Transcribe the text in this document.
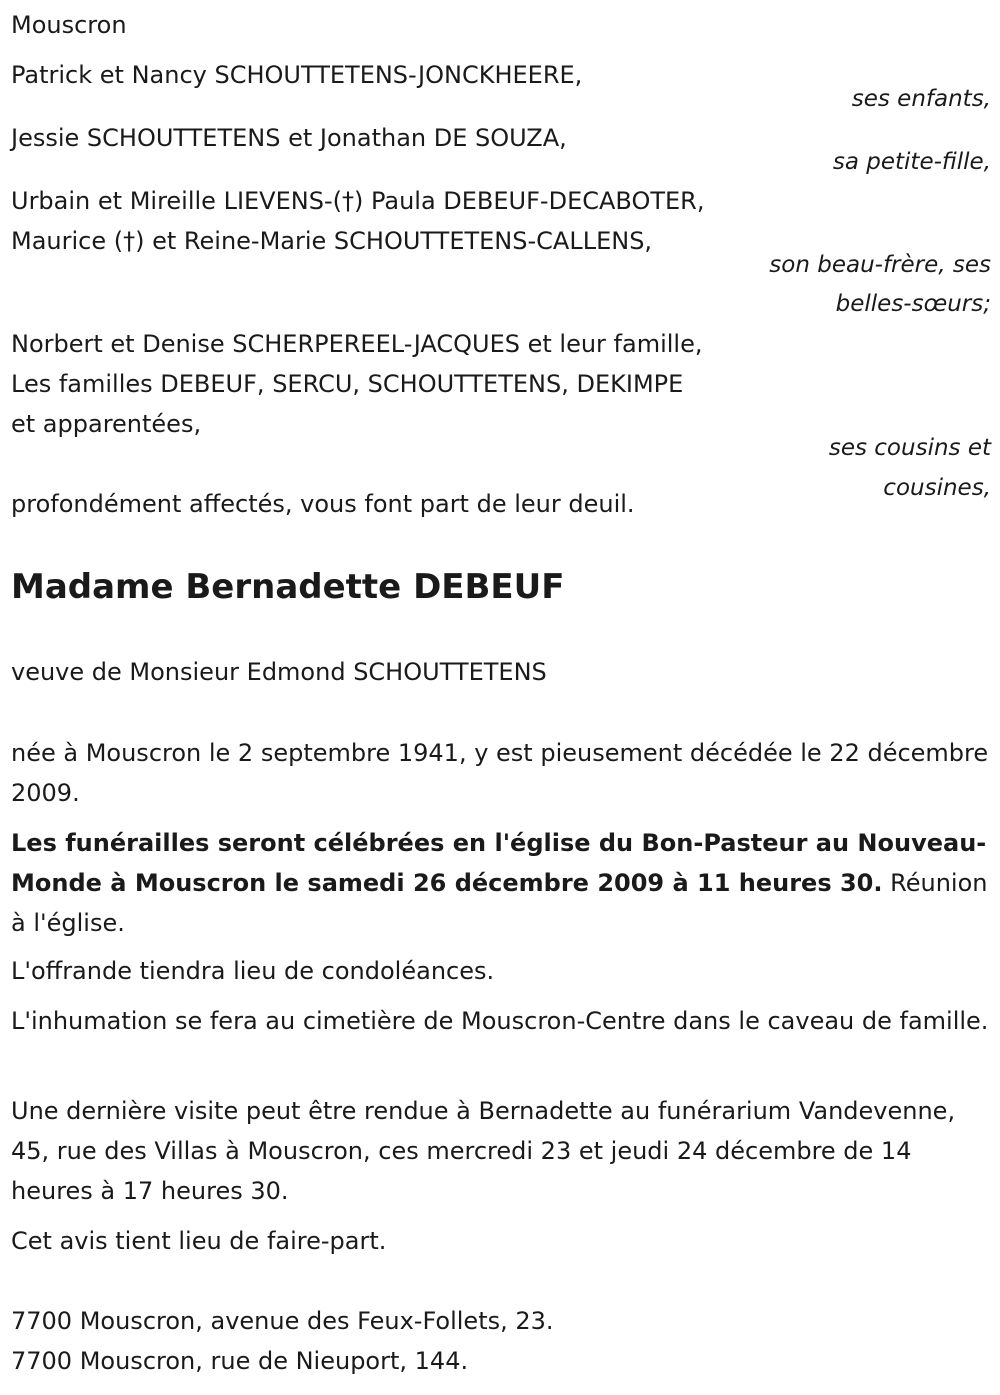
Mouscron
Patrick et Nancy SCHOUTTETENS-JONCKHEERE,
ses enfants,
Jessie SCHOUTTETENS et Jonathan DE SOUZA,
sa petite-fille,
Urbain et Mireille LIEVENS-(†) Paula DEBEUF-DECABOTER,
Maurice (†) et Reine-Marie SCHOUTTETENS-CALLENS,
son beau-frère, ses
belles-sœurs;
Norbert et Denise SCHERPEREEL-JACQUES et leur famille,
Les familles DEBEUF, SERCU, SCHOUTTETENS, DEKIMPE
et apparentées,
ses cousins et
cousines,
profondément affectés, vous font part de leur deuil.
Madame Bernadette DEBEUF
veuve de Monsieur Edmond SCHOUTTETENS
née à Mouscron le 2 septembre 1941, y est pieusement décédée le 22 décembre 2009.
Les funérailles seront célébrées en l'église du Bon-Pasteur au Nouveau-Monde à Mouscron le samedi 26 décembre 2009 à 11 heures 30. Réunion à l'église.
L'offrande tiendra lieu de condoléances.
L'inhumation se fera au cimetière de Mouscron-Centre dans le caveau de famille.
Une dernière visite peut être rendue à Bernadette au funérarium Vandevenne, 45, rue des Villas à Mouscron, ces mercredi 23 et jeudi 24 décembre de 14 heures à 17 heures 30.
Cet avis tient lieu de faire-part.
7700 Mouscron, avenue des Feux-Follets, 23.
7700 Mouscron, rue de Nieuport, 144.
